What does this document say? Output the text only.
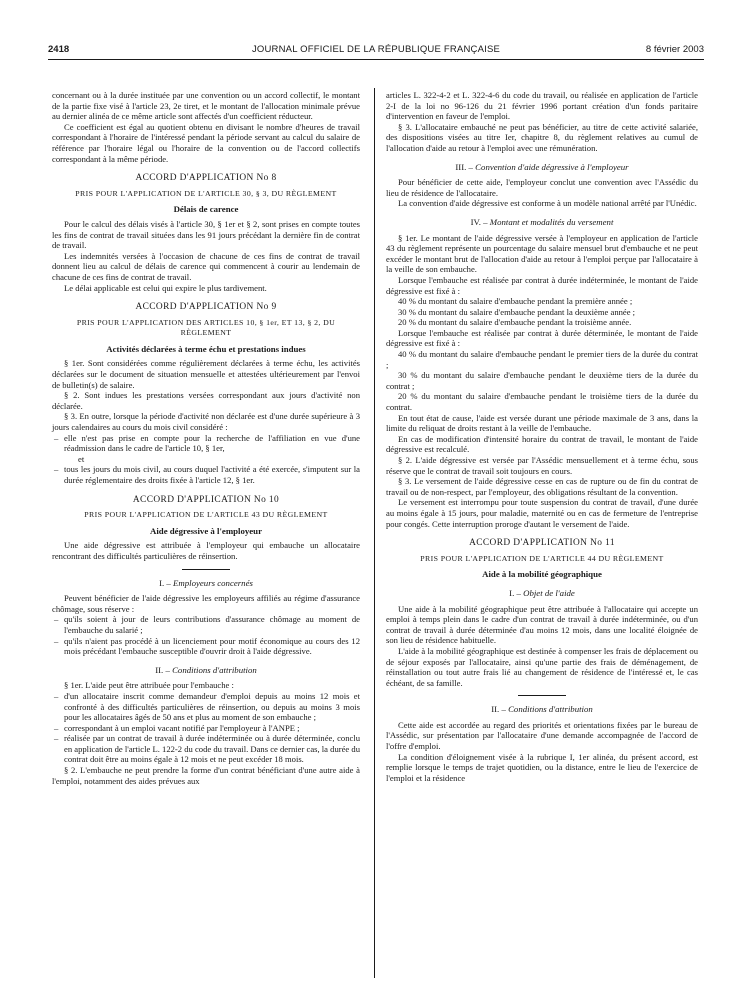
2418	JOURNAL OFFICIEL DE LA RÉPUBLIQUE FRANÇAISE	8 février 2003

concernant ou à la durée instituée par une convention ou un accord collectif, le montant de la partie fixe visé à l'article 23, 2e tiret, et le montant de l'allocation minimale prévue au dernier alinéa de ce même article sont affectés d'un coefficient réducteur.

Ce coefficient est égal au quotient obtenu en divisant le nombre d'heures de travail correspondant à l'horaire de l'intéressé pendant la période servant au calcul du salaire de référence par l'horaire légal ou l'horaire de la convention ou de l'accord collectifs correspondant à la même période.

ACCORD D'APPLICATION No 8

PRIS POUR L'APPLICATION DE L'ARTICLE 30, § 3, DU RÈGLEMENT

Délais de carence

Pour le calcul des délais visés à l'article 30, § 1er et § 2, sont prises en compte toutes les fins de contrat de travail situées dans les 91 jours précédant la dernière fin de contrat de travail.

Les indemnités versées à l'occasion de chacune de ces fins de contrat de travail donnent lieu au calcul de délais de carence qui commencent à courir au lendemain de chacune de ces fins de contrat de travail.

Le délai applicable est celui qui expire le plus tardivement.

ACCORD D'APPLICATION No 9

PRIS POUR L'APPLICATION DES ARTICLES 10, § 1er, ET 13, § 2, DU RÈGLEMENT

Activités déclarées à terme échu et prestations indues

§ 1er. Sont considérées comme régulièrement déclarées à terme échu, les activités déclarées sur le document de situation mensuelle et attestées ultérieurement par l'envoi de bulletin(s) de salaire.

§ 2. Sont indues les prestations versées correspondant aux jours d'activité non déclarée.

§ 3. En outre, lorsque la période d'activité non déclarée est d'une durée supérieure à 3 jours calendaires au cours du mois civil considéré :

– elle n'est pas prise en compte pour la recherche de l'affiliation en vue d'une réadmission dans le cadre de l'article 10, § 1er,

et

– tous les jours du mois civil, au cours duquel l'activité a été exercée, s'imputent sur la durée réglementaire des droits fixée à l'article 12, § 1er.

ACCORD D'APPLICATION No 10

PRIS POUR L'APPLICATION DE L'ARTICLE 43 DU RÈGLEMENT

Aide dégressive à l'employeur

Une aide dégressive est attribuée à l'employeur qui embauche un allocataire rencontrant des difficultés particulières de réinsertion.

I. – Employeurs concernés

Peuvent bénéficier de l'aide dégressive les employeurs affiliés au régime d'assurance chômage, sous réserve :

– qu'ils soient à jour de leurs contributions d'assurance chômage au moment de l'embauche du salarié ;

– qu'ils n'aient pas procédé à un licenciement pour motif économique au cours des 12 mois précédant l'embauche susceptible d'ouvrir droit à l'aide dégressive.

II. – Conditions d'attribution

§ 1er. L'aide peut être attribuée pour l'embauche :

– d'un allocataire inscrit comme demandeur d'emploi depuis au moins 12 mois et confronté à des difficultés particulières de réinsertion, ou depuis au moins 3 mois pour les allocataires âgés de 50 ans et plus au moment de son embauche ;

– correspondant à un emploi vacant notifié par l'employeur à l'ANPE ;

– réalisée par un contrat de travail à durée indéterminée ou à durée déterminée, conclu en application de l'article L. 122-2 du code du travail. Dans ce dernier cas, la durée du contrat doit être au moins égale à 12 mois et ne peut excéder 18 mois.

§ 2. L'embauche ne peut prendre la forme d'un contrat bénéficiant d'une autre aide à l'emploi, notamment des aides prévues aux

articles L. 322-4-2 et L. 322-4-6 du code du travail, ou réalisée en application de l'article 2-I de la loi no 96-126 du 21 février 1996 portant création d'un fonds paritaire d'intervention en faveur de l'emploi.

§ 3. L'allocataire embauché ne peut pas bénéficier, au titre de cette activité salariée, des dispositions visées au titre Ier, chapitre 8, du règlement relatives au cumul de l'allocation d'aide au retour à l'emploi avec une rémunération.

III. – Convention d'aide dégressive à l'employeur

Pour bénéficier de cette aide, l'employeur conclut une convention avec l'Assédic du lieu de résidence de l'allocataire.

La convention d'aide dégressive est conforme à un modèle national arrêté par l'Unédic.

IV. – Montant et modalités du versement

§ 1er. Le montant de l'aide dégressive versée à l'employeur en application de l'article 43 du règlement représente un pourcentage du salaire mensuel brut d'embauche et ne peut excéder le montant brut de l'allocation d'aide au retour à l'emploi perçue par l'allocataire à la veille de son embauche.

Lorsque l'embauche est réalisée par contrat à durée indéterminée, le montant de l'aide dégressive est fixé à :

40 % du montant du salaire d'embauche pendant la première année ;

30 % du montant du salaire d'embauche pendant la deuxième année ;

20 % du montant du salaire d'embauche pendant la troisième année.

Lorsque l'embauche est réalisée par contrat à durée déterminée, le montant de l'aide dégressive est fixé à :

40 % du montant du salaire d'embauche pendant le premier tiers de la durée du contrat ;

30 % du montant du salaire d'embauche pendant le deuxième tiers de la durée du contrat ;

20 % du montant du salaire d'embauche pendant le troisième tiers de la durée du contrat.

En tout état de cause, l'aide est versée durant une période maximale de 3 ans, dans la limite du reliquat de droits restant à la veille de l'embauche.

En cas de modification d'intensité horaire du contrat de travail, le montant de l'aide dégressive est recalculé.

§ 2. L'aide dégressive est versée par l'Assédic mensuellement et à terme échu, sous réserve que le contrat de travail soit toujours en cours.

§ 3. Le versement de l'aide dégressive cesse en cas de rupture ou de fin du contrat de travail ou de non-respect, par l'employeur, des obligations résultant de la convention.

Le versement est interrompu pour toute suspension du contrat de travail, d'une durée au moins égale à 15 jours, pour maladie, maternité ou en cas de fermeture de l'entreprise pour congés. Cette interruption proroge d'autant le versement de l'aide.

ACCORD D'APPLICATION No 11

PRIS POUR L'APPLICATION DE L'ARTICLE 44 DU RÈGLEMENT

Aide à la mobilité géographique

I. – Objet de l'aide

Une aide à la mobilité géographique peut être attribuée à l'allocataire qui accepte un emploi à temps plein dans le cadre d'un contrat de travail à durée indéterminée, ou d'un contrat de travail à durée déterminée d'au moins 12 mois, dans une localité éloignée de son lieu de résidence habituelle.

L'aide à la mobilité géographique est destinée à compenser les frais de déplacement ou de séjour exposés par l'allocataire, ainsi qu'une partie des frais de déménagement, de réinstallation ou tout autre frais lié au changement de résidence de l'intéressé et, le cas échéant, de sa famille.

II. – Conditions d'attribution

Cette aide est accordée au regard des priorités et orientations fixées par le bureau de l'Assédic, sur présentation par l'allocataire d'une demande accompagnée de l'accord de l'offre d'emploi.

La condition d'éloignement visée à la rubrique I, 1er alinéa, du présent accord, est remplie lorsque le temps de trajet quotidien, ou la distance, entre le lieu de l'exercice de l'emploi et la résidence
